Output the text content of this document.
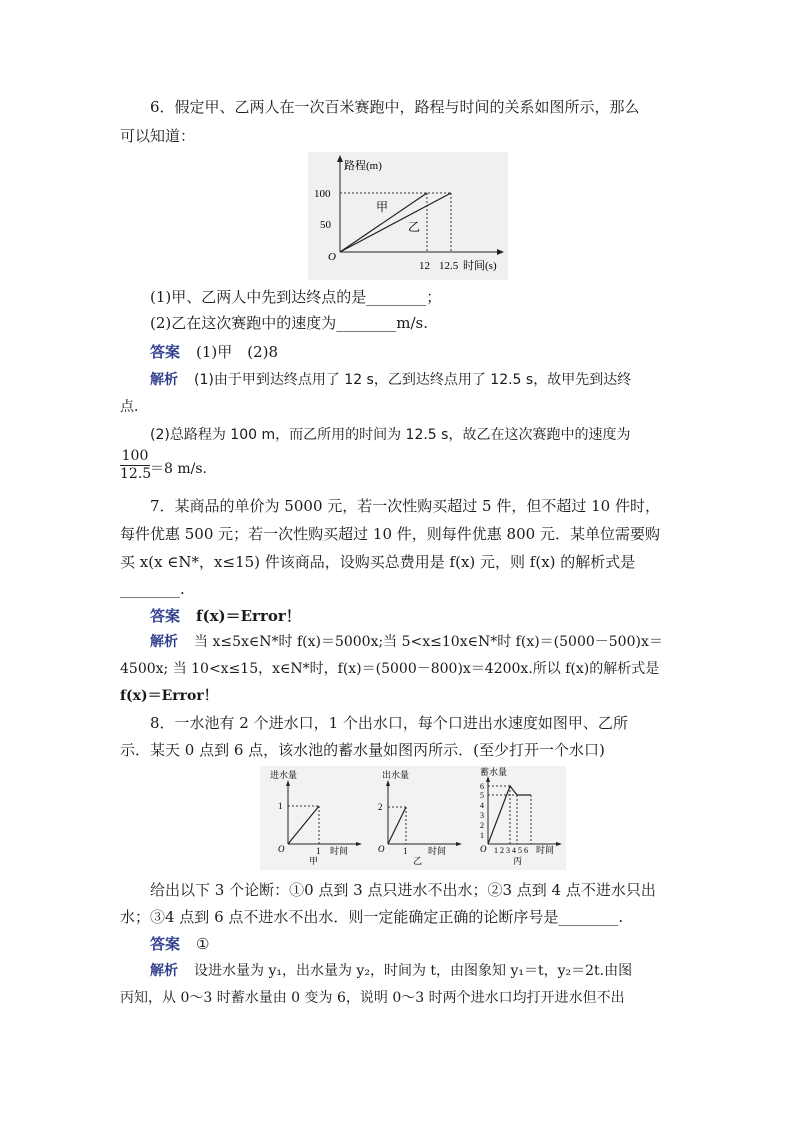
6．假定甲、乙两人在一次百米赛跑中，路程与时间的关系如图所示，那么
可以知道：
路程(m)
100
50
O
甲
乙
12 12.5 时间(s)
(1)甲、乙两人中先到达终点的是________；
(2)乙在这次赛跑中的速度为________m/s.
答案 (1)甲　(2)8
解析 (1)由于甲到达终点用了 12 s，乙到达终点用了 12.5 s，故甲先到达终
点．
(2)总路程为 100 m，而乙所用的时间为 12.5 s，故乙在这次赛跑中的速度为
$\frac{100}{12.5} =8$ m/s.
7．某商品的单价为 5000 元，若一次性购买超过 5 件，但不超过 10 件时，
每件优惠 500 元；若一次性购买超过 10 件，则每件优惠 800 元．某单位需要购
买 x(x ∈N*，x≤15) 件该商品，设购买总费用是 f(x) 元，则 f(x) 的解析式是
________.
答案 f(x)＝Error！
解析 当 x≤5x∈N*时 f(x)＝5000x;当 5<x≤10x∈N*时 f(x)＝(5000－500)x＝
4500x; 当 10<x≤15，x∈N*时，f(x)＝(5000－800)x＝4200x.所以 f(x)的解析式是
f(x)＝Error！
8．一水池有 2 个进水口，1 个出水口，每个口进出水速度如图甲、乙所
示．某天 0 点到 6 点，该水池的蓄水量如图丙所示．(至少打开一个水口)
进水量
1
O	1 时间
甲
出水量
2
O 1 时间
乙
蓄水量
6
5
4
3
2
1
O 1 2 3 4 5 6 时间
丙
给出以下 3 个论断：①0 点到 3 点只进水不出水；②3 点到 4 点不进水只出
水；③4 点到 6 点不进水不出水．则一定能确定正确的论断序号是________.
答案 ①
解析 设进水量为 y₁，出水量为 y₂，时间为 t，由图象知 y₁＝t，y₂＝2t.由图
丙知，从 0～3 时蓄水量由 0 变为 6，说明 0～3 时两个进水口均打开进水但不出
